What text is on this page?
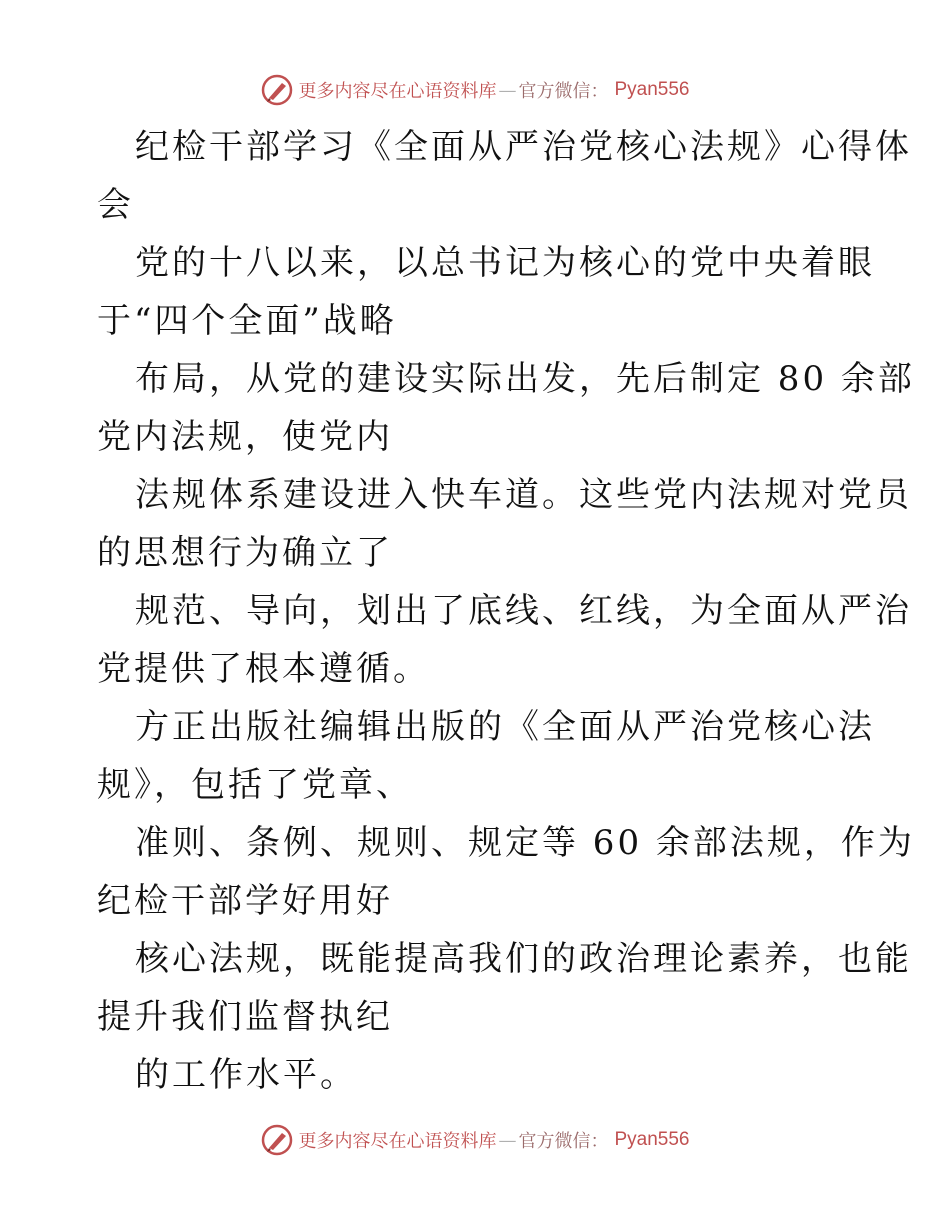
更多内容尽在心语资料库 — 官方微信 ： Pyan556
纪检干部学习《全面从严治党核心法规》心得体
会
党的十八以来，以总书记为核心的党中央着眼
于“四个全面”战略
布局，从党的建设实际出发，先后制定 80 余部
党内法规，使党内
法规体系建设进入快车道。这些党内法规对党员
的思想行为确立了
规范、导向，划出了底线、红线，为全面从严治
党提供了根本遵循。
方正出版社编辑出版的《全面从严治党核心法
规》，包括了党章、
准则、条例、规则、规定等 60 余部法规，作为
纪检干部学好用好
核心法规，既能提高我们的政治理论素养，也能
提升我们监督执纪
的工作水平。
更多内容尽在心语资料库 — 官方微信 ： Pyan556
